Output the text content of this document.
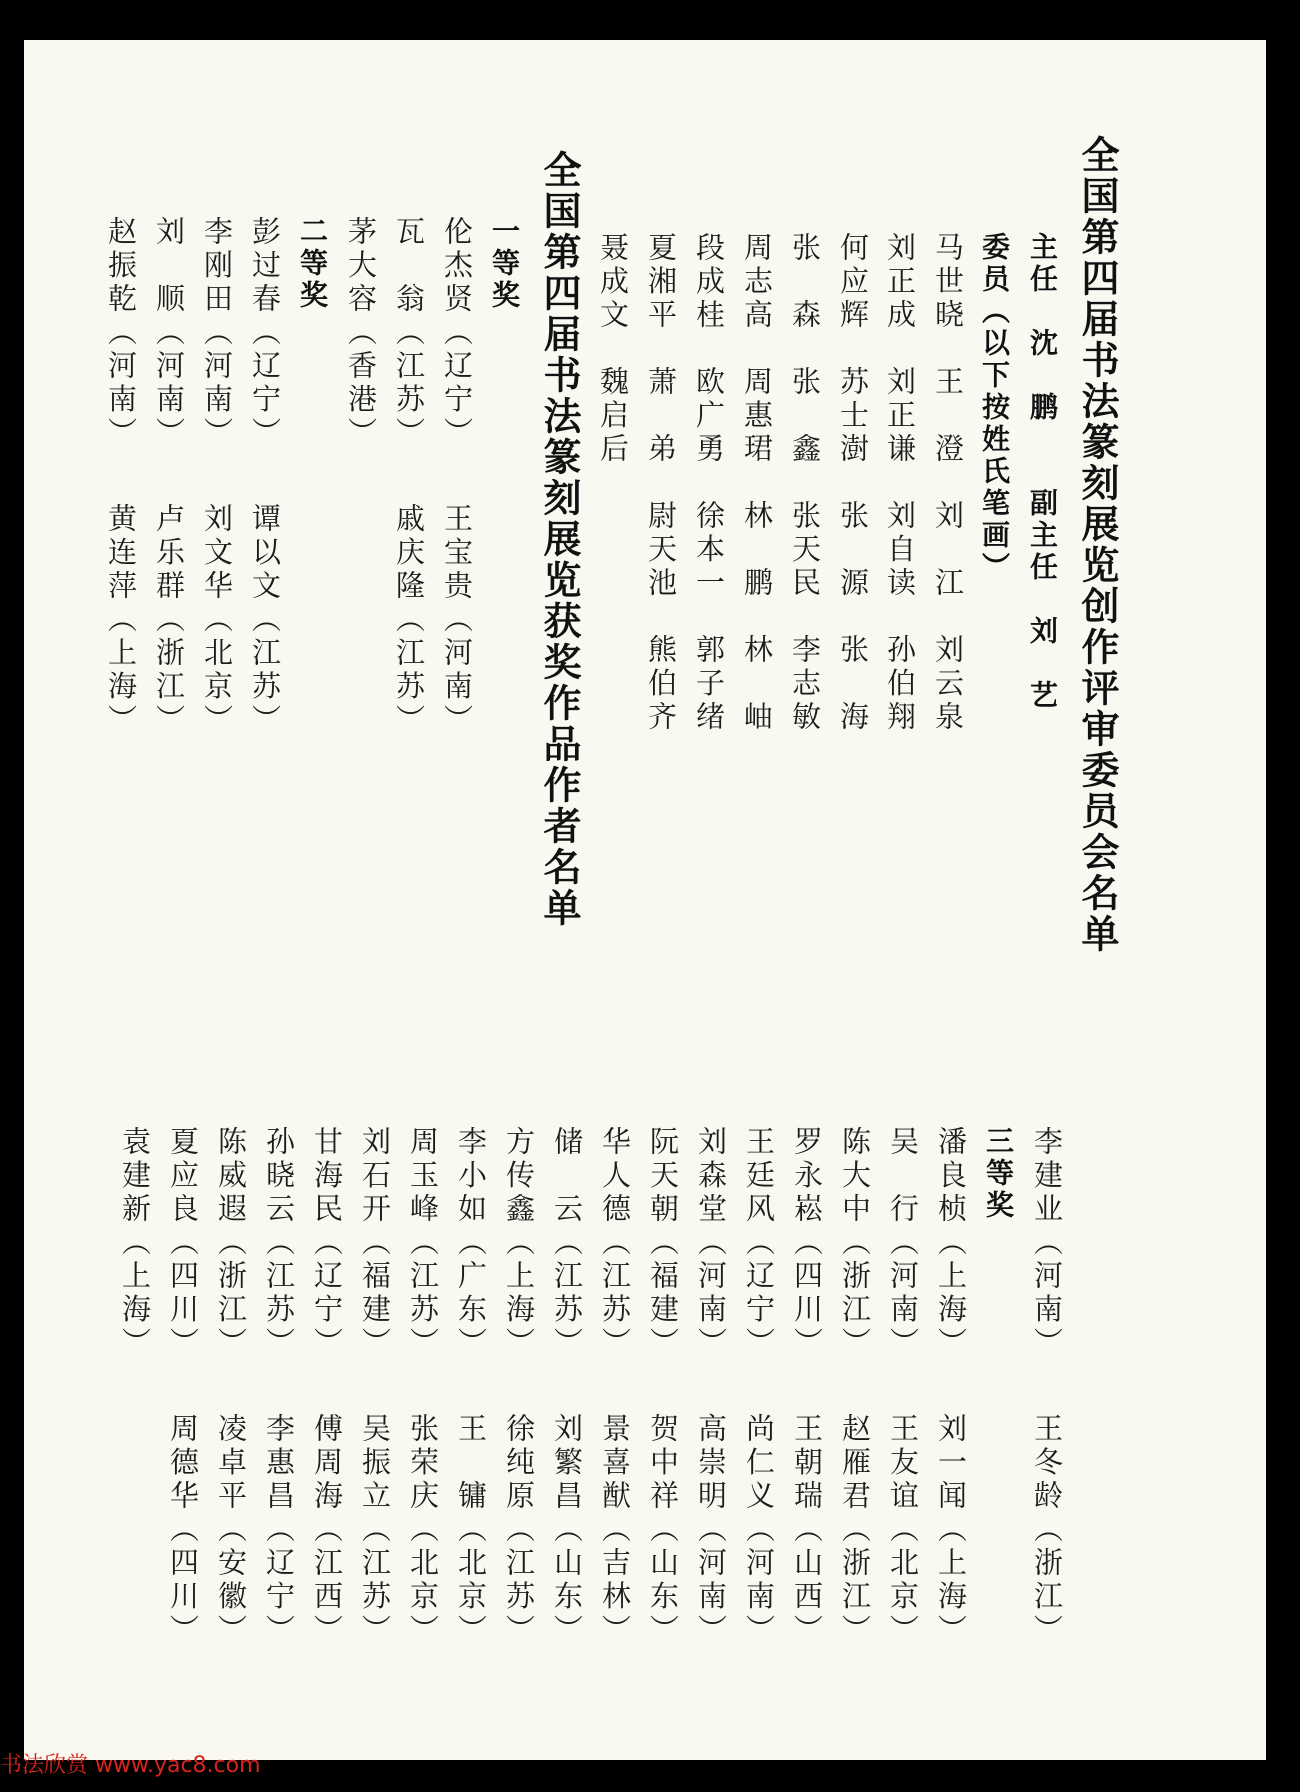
全国第四届书法篆刻展览创作评审委员会名单
主任　沈　鹏　　副主任　刘　艺
委员（以下按姓氏笔画）
马世晓　王　澄　刘　江　刘云泉
刘正成　刘正谦　刘自读　孙伯翔
何应辉　苏士澍　张　源　张　海
张　森　张　鑫　张天民　李志敏
周志高　周惠珺　林　鹏　林　岫
段成桂　欧广勇　徐本一　郭子绪
夏湘平　萧　弟　尉天池　熊伯齐
聂成文　魏启后
全国第四届书法篆刻展览获奖作品作者名单
一等奖
伦杰贤（辽宁）　　王宝贵（河南）
瓦　翁（江苏）　　戚庆隆（江苏）
茅大容（香港）
二等奖
彭过春（辽宁）　　谭以文（江苏）
李刚田（河南）　　刘文华（北京）
刘　顺（河南）　　卢乐群（浙江）
赵振乾（河南）　　黄连萍（上海）
李建业（河南）　　王冬龄（浙江）
三等奖
潘良桢（上海）　　刘一闻（上海）
吴　行（河南）　　王友谊（北京）
陈大中（浙江）　　赵雁君（浙江）
罗永崧（四川）　　王朝瑞（山西）
王廷风（辽宁）　　尚仁义（河南）
刘森堂（河南）　　高崇明（河南）
阮天朝（福建）　　贺中祥（山东）
华人德（江苏）　　景喜猷（吉林）
储　云（江苏）　　刘繁昌（山东）
方传鑫（上海）　　徐纯原（江苏）
李小如（广东）　　王　镛（北京）
周玉峰（江苏）　　张荣庆（北京）
刘石开（福建）　　吴振立（江苏）
甘海民（辽宁）　　傅周海（江西）
孙晓云（江苏）　　李惠昌（辽宁）
陈威遐（浙江）　　凌卓平（安徽）
夏应良（四川）　　周德华（四川）
袁建新（上海）
书法欣赏 www.yac8.com
